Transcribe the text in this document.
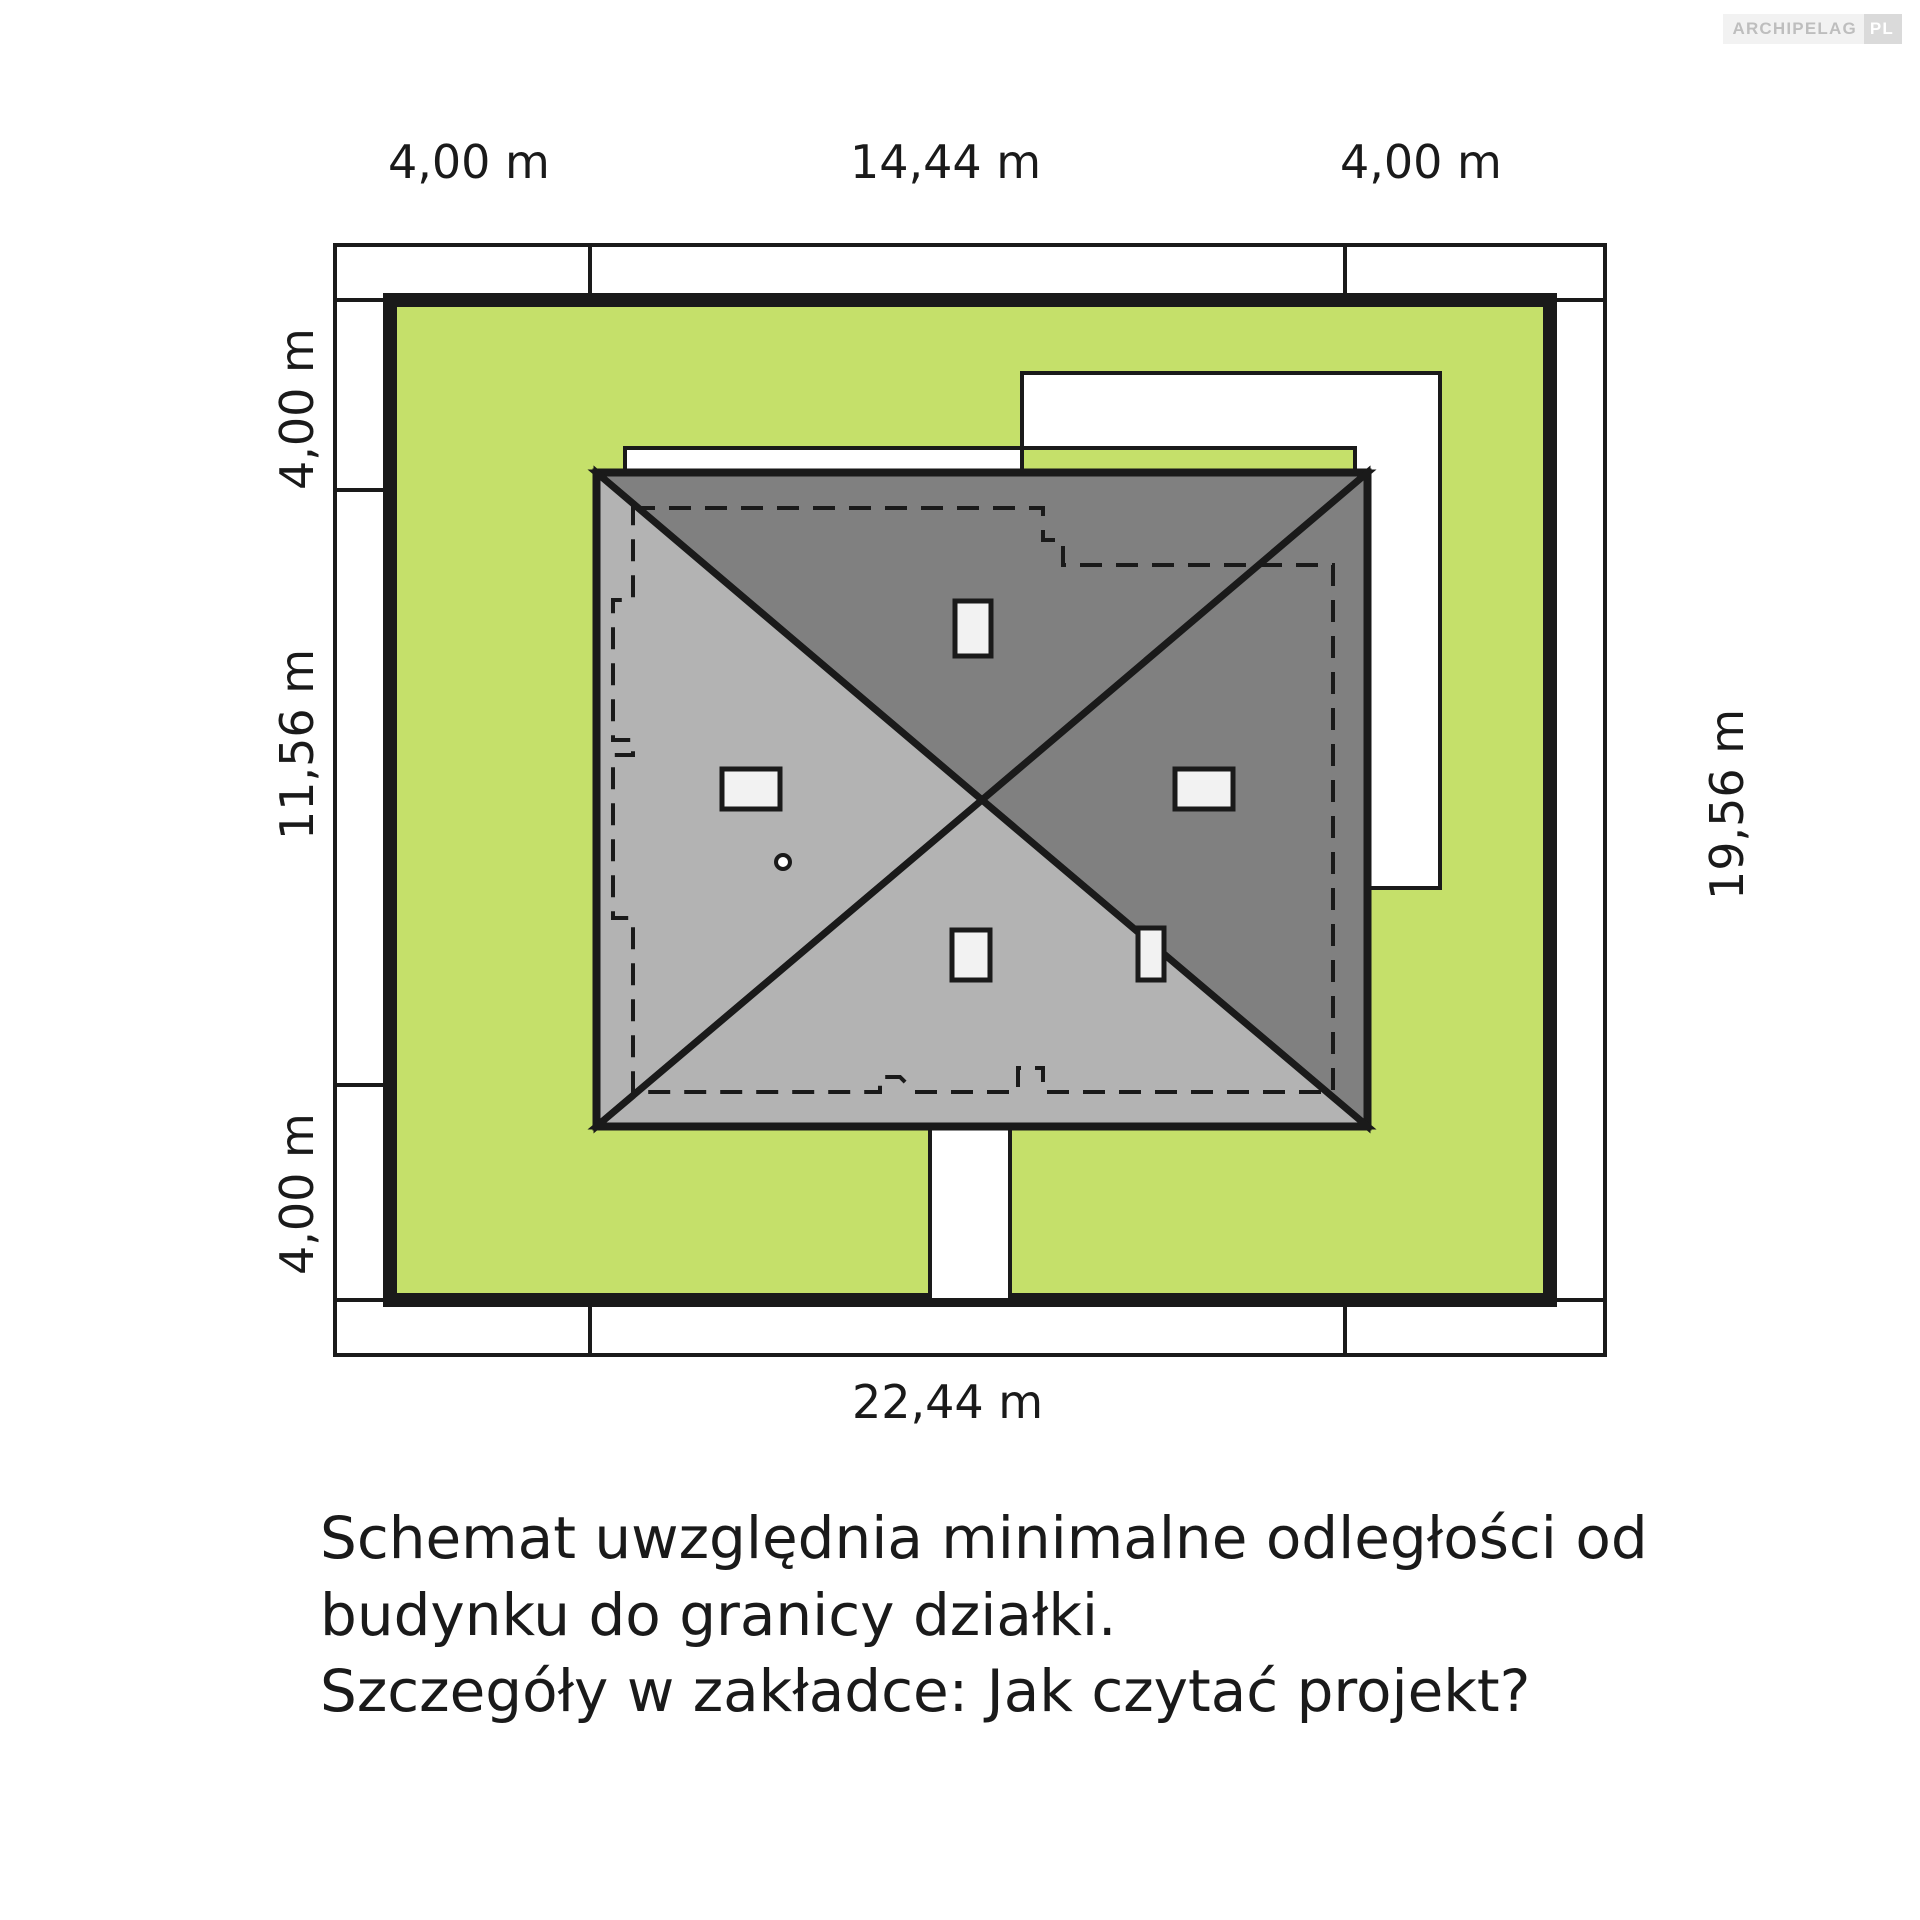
ARCHIPELAG PL
4,00 m	14,44 m	4,00 m
22,44 m
4,00 m
11,56 m
4,00 m
19,56 m
Schemat uwzględnia minimalne odległości od
budynku do granicy działki.
Szczegóły w zakładce: Jak czytać projekt?
